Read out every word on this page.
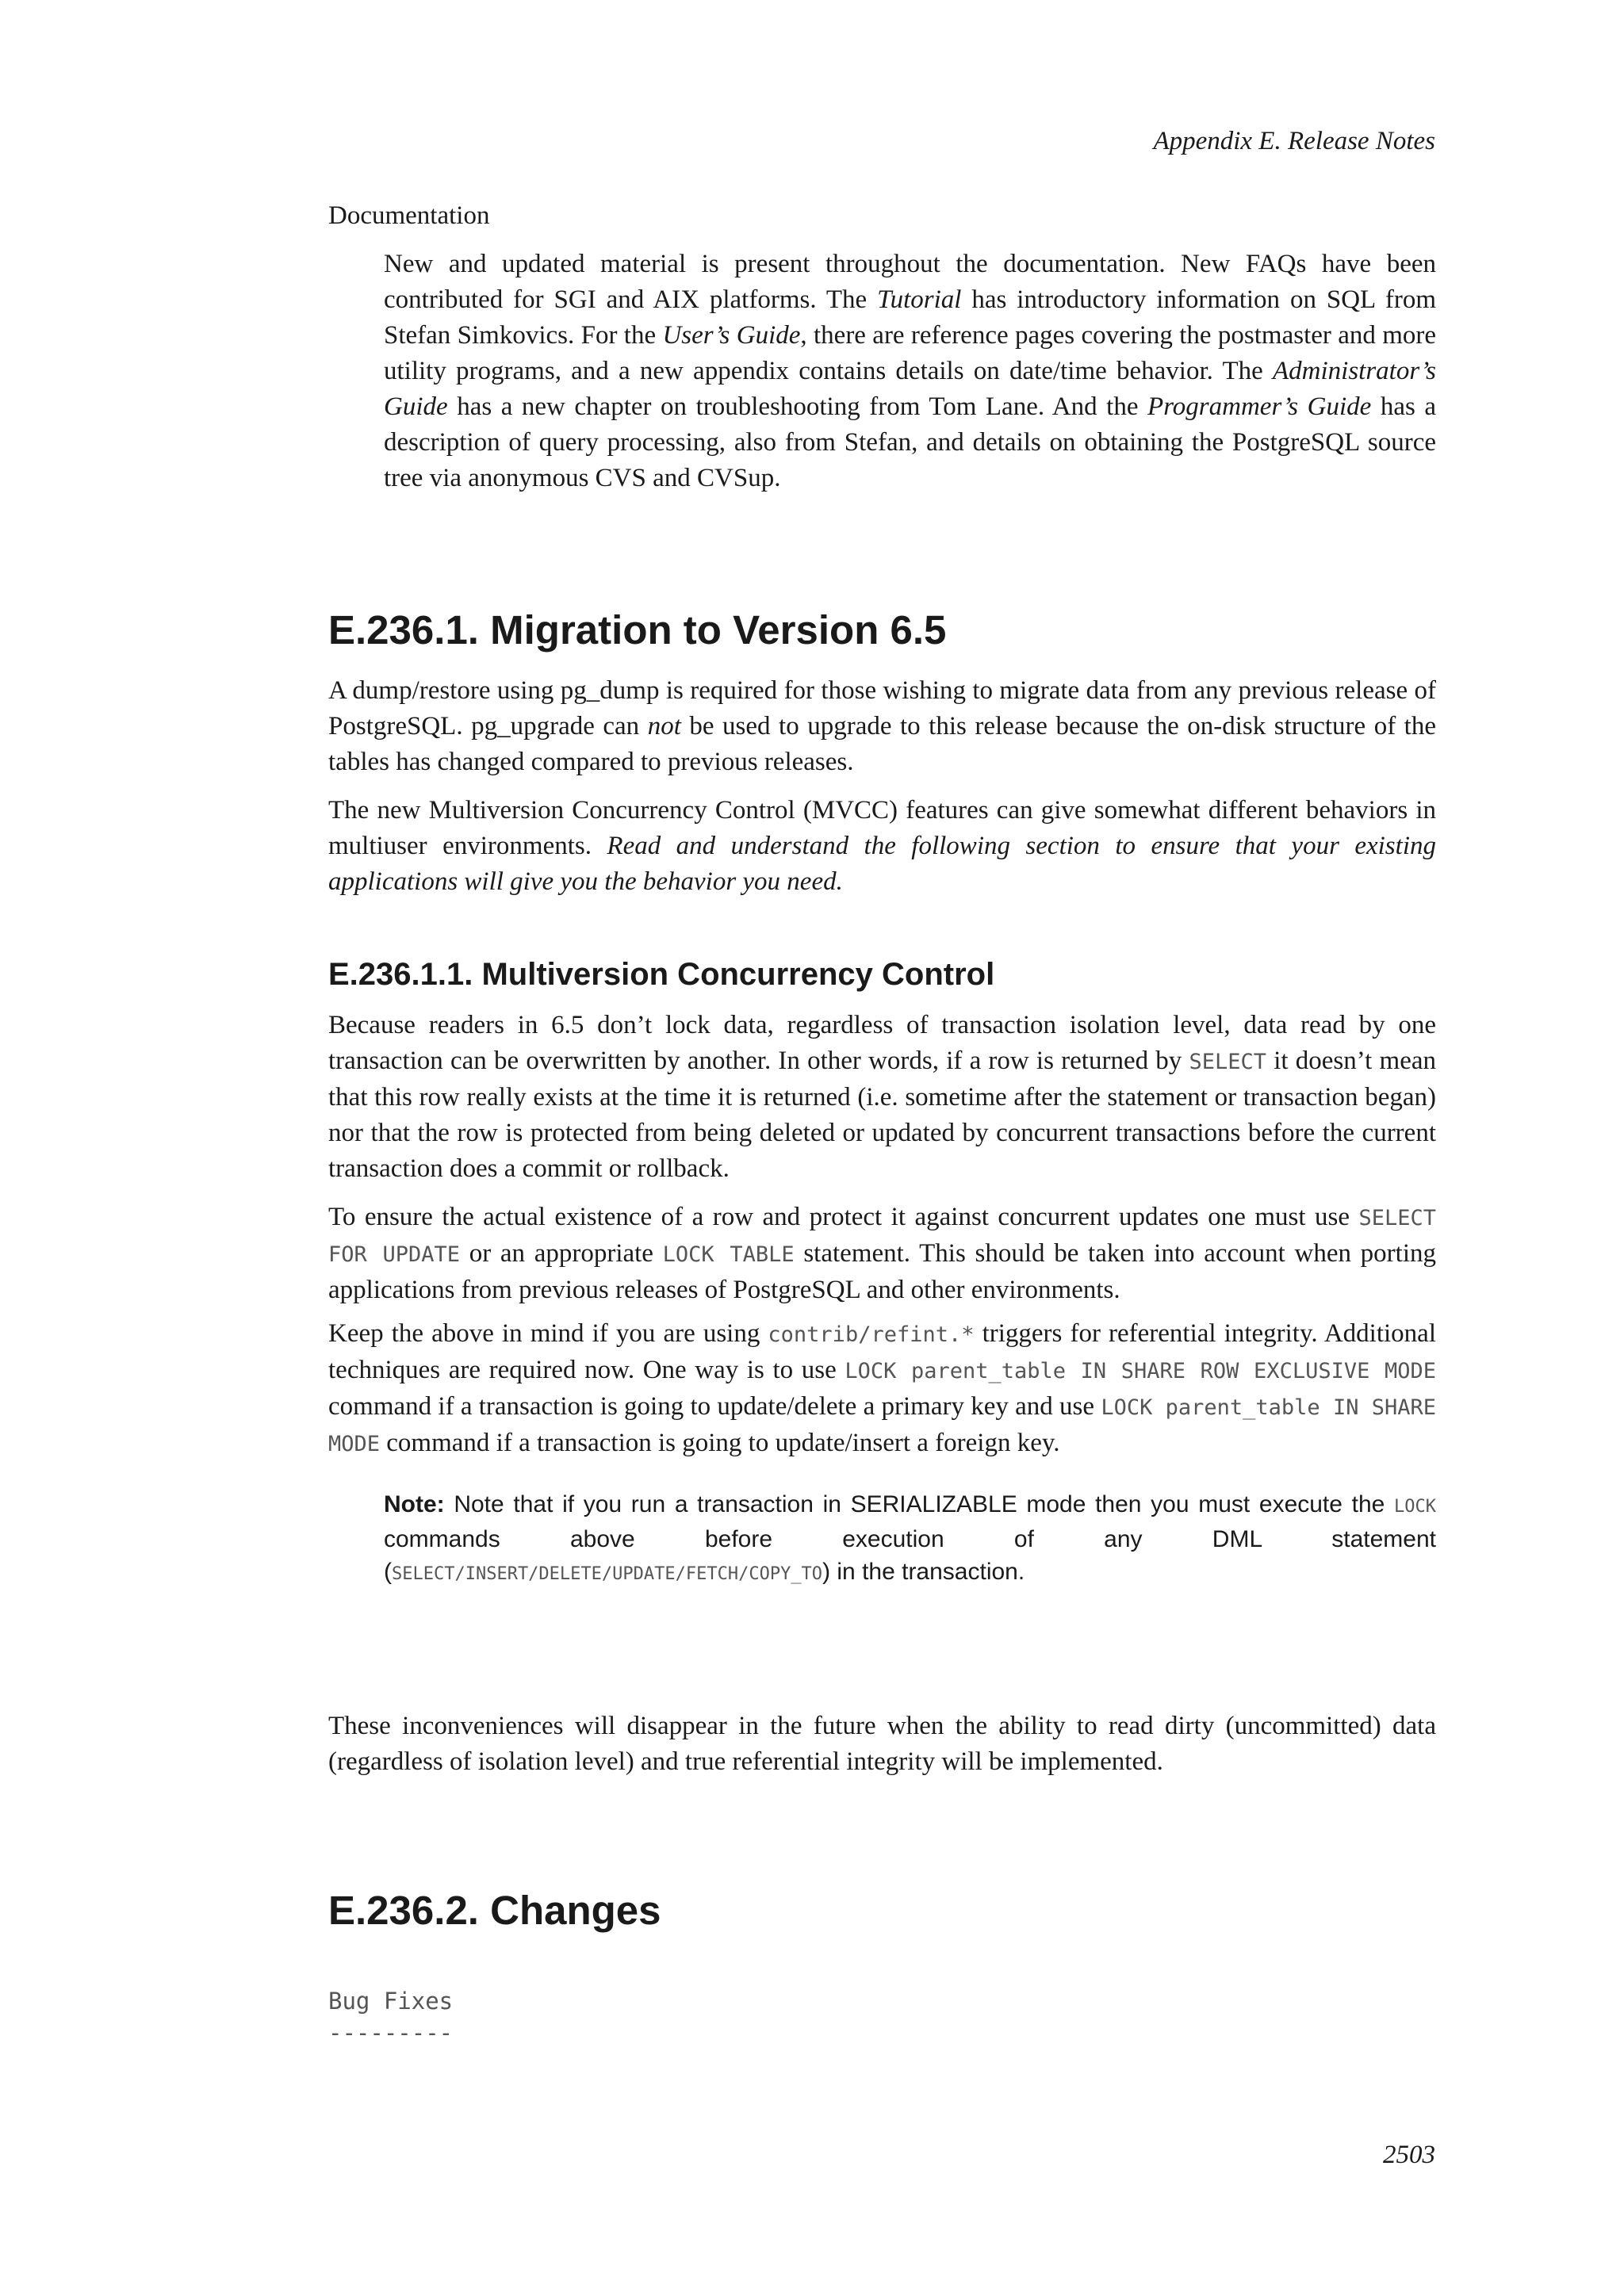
Appendix E. Release Notes

Documentation

New and updated material is present throughout the documentation. New FAQs have been contributed for SGI and AIX platforms. The Tutorial has introductory information on SQL from Stefan Simkovics. For the User’s Guide, there are reference pages covering the postmaster and more utility programs, and a new appendix contains details on date/time behavior. The Administrator’s Guide has a new chapter on troubleshooting from Tom Lane. And the Programmer’s Guide has a description of query processing, also from Stefan, and details on obtaining the PostgreSQL source tree via anonymous CVS and CVSup.

E.236.1. Migration to Version 6.5

A dump/restore using pg_dump is required for those wishing to migrate data from any previous release of PostgreSQL. pg_upgrade can not be used to upgrade to this release because the on-disk structure of the tables has changed compared to previous releases.

The new Multiversion Concurrency Control (MVCC) features can give somewhat different behaviors in multiuser environments. Read and understand the following section to ensure that your existing applications will give you the behavior you need.

E.236.1.1. Multiversion Concurrency Control

Because readers in 6.5 don’t lock data, regardless of transaction isolation level, data read by one transaction can be overwritten by another. In other words, if a row is returned by SELECT it doesn’t mean that this row really exists at the time it is returned (i.e. sometime after the statement or transaction began) nor that the row is protected from being deleted or updated by concurrent transactions before the current transaction does a commit or rollback.

To ensure the actual existence of a row and protect it against concurrent updates one must use SELECT FOR UPDATE or an appropriate LOCK TABLE statement. This should be taken into account when porting applications from previous releases of PostgreSQL and other environments.

Keep the above in mind if you are using contrib/refint.* triggers for referential integrity. Additional techniques are required now. One way is to use LOCK parent_table IN SHARE ROW EXCLUSIVE MODE command if a transaction is going to update/delete a primary key and use LOCK parent_table IN SHARE MODE command if a transaction is going to update/insert a foreign key.

Note: Note that if you run a transaction in SERIALIZABLE mode then you must execute the LOCK commands above before execution of any DML statement (SELECT/INSERT/DELETE/UPDATE/FETCH/COPY_TO) in the transaction.

These inconveniences will disappear in the future when the ability to read dirty (uncommitted) data (regardless of isolation level) and true referential integrity will be implemented.

E.236.2. Changes
Bug Fixes
---------
2503
